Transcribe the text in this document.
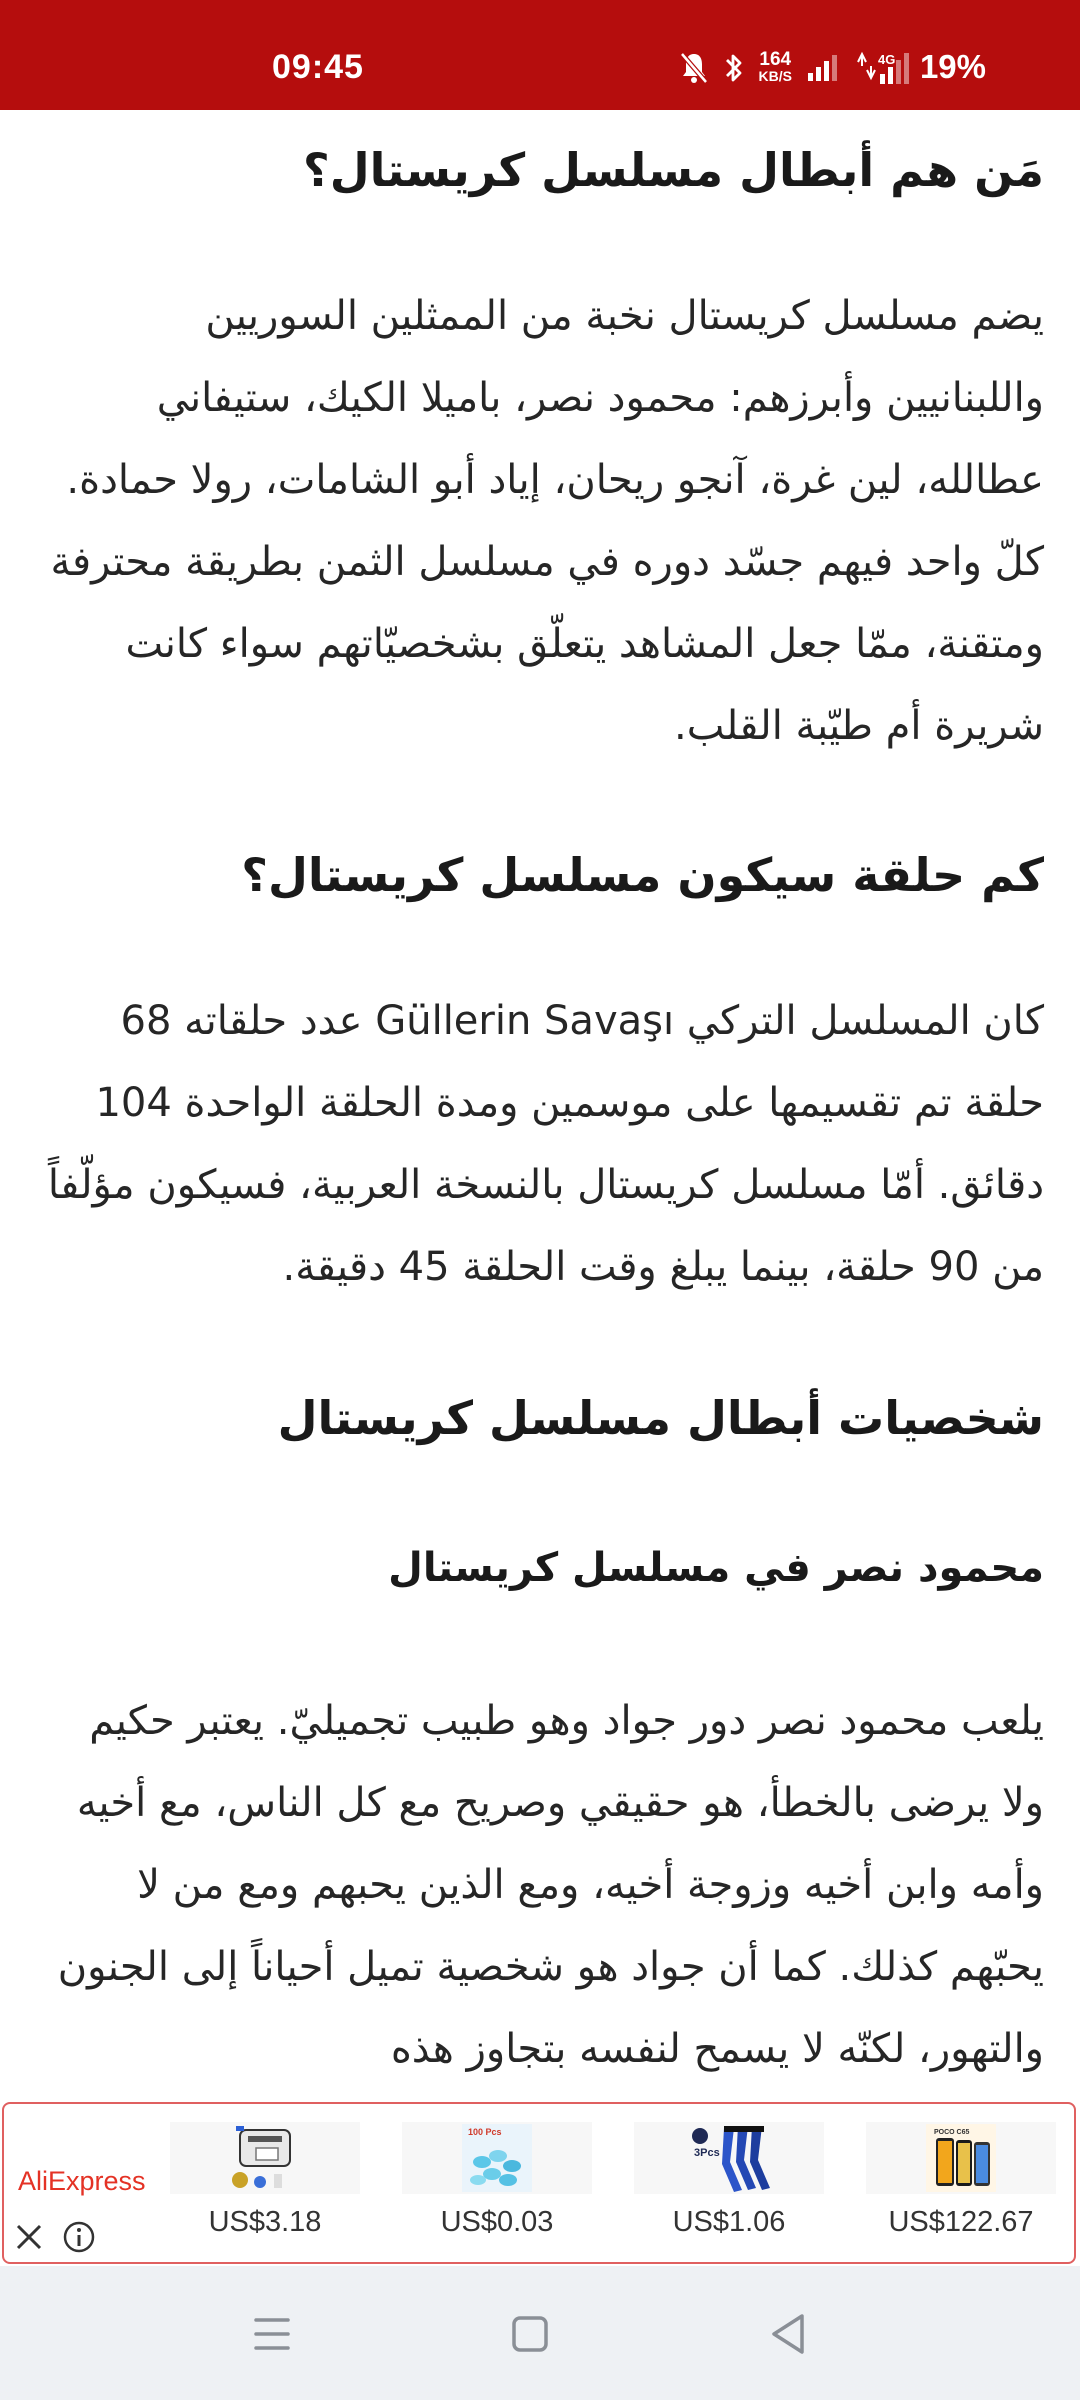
09:45	164
KB/S
4G 19%
مَن هم أبطال مسلسل كريستال؟

يضم مسلسل كريستال نخبة من الممثلين السوريين واللبنانيين وأبرزهم: محمود نصر، باميلا الكيك، ستيفاني عطالله، لين غرة، آنجو ريحان، إياد أبو الشامات، رولا حمادة. كلّ واحد فيهم جسّد دوره في مسلسل الثمن بطريقة محترفة ومتقنة، ممّا جعل المشاهد يتعلّق بشخصيّاتهم سواء كانت شريرة أم طيّبة القلب.

كم حلقة سيكون مسلسل كريستال؟

كان المسلسل التركي Güllerin Savaşı عدد حلقاته 68 حلقة تم تقسيمها على موسمين ومدة الحلقة الواحدة 104 دقائق. أمّا مسلسل كريستال بالنسخة العربية، فسيكون مؤلّفاً من 90 حلقة، بينما يبلغ وقت الحلقة 45 دقيقة.

شخصيات أبطال مسلسل كريستال
محمود نصر في مسلسل كريستال

يلعب محمود نصر دور جواد وهو طبيب تجميليّ. يعتبر حكيم ولا يرضى بالخطأ، هو حقيقي وصريح مع كل الناس، مع أخيه وأمه وابن أخيه وزوجة أخيه، ومع الذين يحبهم ومع من لا يحبّهم كذلك. كما أن جواد هو شخصية تميل أحياناً إلى الجنون والتهور، لكنّه لا يسمح لنفسه بتجاوز هذه

AliExpress
US$3.18
100 Pcs
US$0.03
3Pcs
US$1.06
POCO C65
US$122.67
